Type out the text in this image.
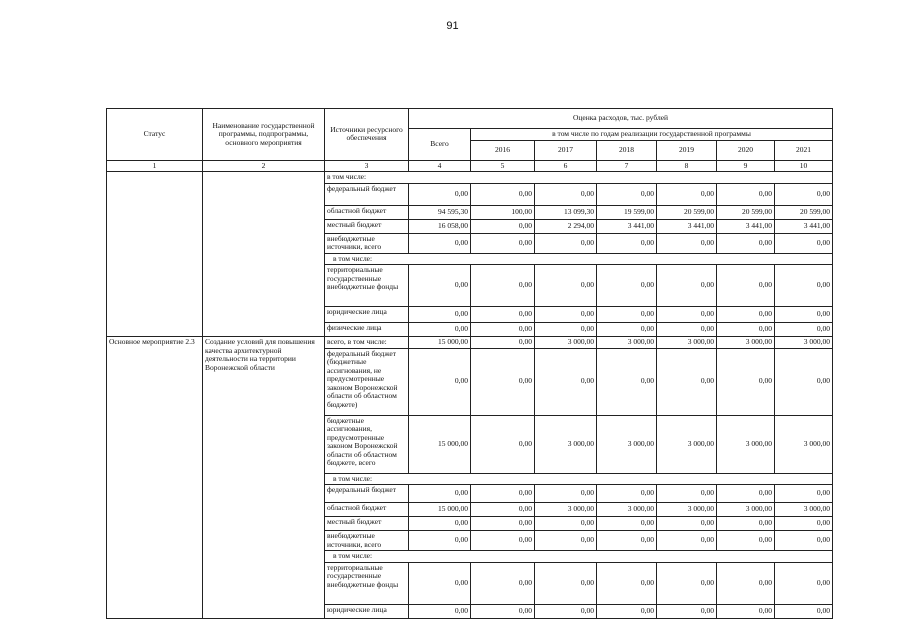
91
Статус	Наименование государственной программы, подпрограммы, основного мероприятия	Источники ресурсного обеспечения	Оценка расходов, тыс. рублей						
			Всего	в том числе по годам реализации государственной программы					
				2016	2017	2018	2019	2020	2021
1	2	3	4	5	6	7	8	9	10
		в том числе:							
		федеральный бюджет	0,00	0,00	0,00	0,00	0,00	0,00	0,00
		областной бюджет	94 595,30	100,00	13 099,30	19 599,00	20 599,00	20 599,00	20 599,00
		местный бюджет	16 058,00	0,00	2 294,00	3 441,00	3 441,00	3 441,00	3 441,00
		внебюджетные источники, всего	0,00	0,00	0,00	0,00	0,00	0,00	0,00
		в том числе:							
		территориальные государственные внебюджетные фонды	0,00	0,00	0,00	0,00	0,00	0,00	0,00
		юридические лица	0,00	0,00	0,00	0,00	0,00	0,00	0,00
		физические лица	0,00	0,00	0,00	0,00	0,00	0,00	0,00
Основное мероприятие 2.3	Создание условий для повышения качества архитектурной деятельности на территории Воронежской области	всего, в том числе:	15 000,00	0,00	3 000,00	3 000,00	3 000,00	3 000,00	3 000,00
		федеральный бюджет (бюджетные ассигнования, не предусмотренные законом Воронежской области об областном бюджете)	0,00	0,00	0,00	0,00	0,00	0,00	0,00
		бюджетные ассигнования, предусмотренные законом Воронежской области об областном бюджете, всего	15 000,00	0,00	3 000,00	3 000,00	3 000,00	3 000,00	3 000,00
		в том числе:							
		федеральный бюджет	0,00	0,00	0,00	0,00	0,00	0,00	0,00
		областной бюджет	15 000,00	0,00	3 000,00	3 000,00	3 000,00	3 000,00	3 000,00
		местный бюджет	0,00	0,00	0,00	0,00	0,00	0,00	0,00
		внебюджетные источники, всего	0,00	0,00	0,00	0,00	0,00	0,00	0,00
		в том числе:							
		территориальные государственные внебюджетные фонды	0,00	0,00	0,00	0,00	0,00	0,00	0,00
		юридические лица	0,00	0,00	0,00	0,00	0,00	0,00	0,00
